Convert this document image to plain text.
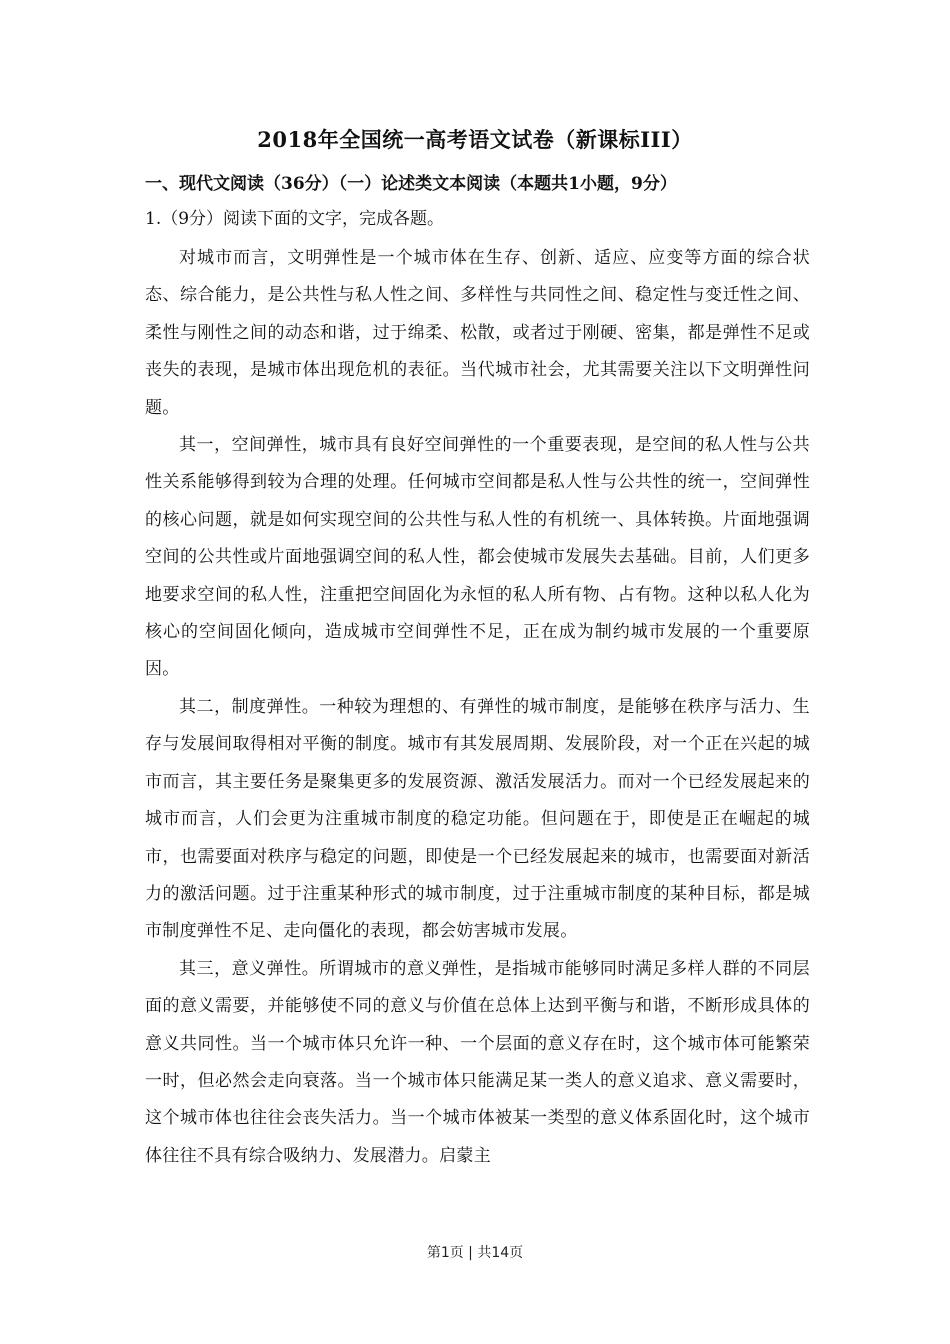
2018年全国统一高考语文试卷（新课标III）
一、现代文阅读（36分）（一）论述类文本阅读（本题共1小题，9分）
1.（9分）阅读下面的文字，完成各题。

对城市而言，文明弹性是一个城市体在生存、创新、适应、应变等方面的综合状态、综合能力，是公共性与私人性之间、多样性与共同性之间、稳定性与变迁性之间、柔性与刚性之间的动态和谐，过于绵柔、松散，或者过于刚硬、密集，都是弹性不足或丧失的表现，是城市体出现危机的表征。当代城市社会，尤其需要关注以下文明弹性问题。

其一，空间弹性，城市具有良好空间弹性的一个重要表现，是空间的私人性与公共性关系能够得到较为合理的处理。任何城市空间都是私人性与公共性的统一，空间弹性的核心问题，就是如何实现空间的公共性与私人性的有机统一、具体转换。片面地强调空间的公共性或片面地强调空间的私人性，都会使城市发展失去基础。目前，人们更多地要求空间的私人性，注重把空间固化为永恒的私人所有物、占有物。这种以私人化为核心的空间固化倾向，造成城市空间弹性不足，正在成为制约城市发展的一个重要原因。

其二，制度弹性。一种较为理想的、有弹性的城市制度，是能够在秩序与活力、生存与发展间取得相对平衡的制度。城市有其发展周期、发展阶段，对一个正在兴起的城市而言，其主要任务是聚集更多的发展资源、激活发展活力。而对一个已经发展起来的城市而言，人们会更为注重城市制度的稳定功能。但问题在于，即使是正在崛起的城市，也需要面对秩序与稳定的问题，即使是一个已经发展起来的城市，也需要面对新活力的激活问题。过于注重某种形式的城市制度，过于注重城市制度的某种目标，都是城市制度弹性不足、走向僵化的表现，都会妨害城市发展。

其三，意义弹性。所谓城市的意义弹性，是指城市能够同时满足多样人群的不同层面的意义需要，并能够使不同的意义与价值在总体上达到平衡与和谐，不断形成具体的意义共同性。当一个城市体只允许一种、一个层面的意义存在时，这个城市体可能繁荣一时，但必然会走向衰落。当一个城市体只能满足某一类人的意义追求、意义需要时，这个城市体也往往会丧失活力。当一个城市体被某一类型的意义体系固化时，这个城市体往往不具有综合吸纳力、发展潜力。启蒙主

第1页 | 共14页
